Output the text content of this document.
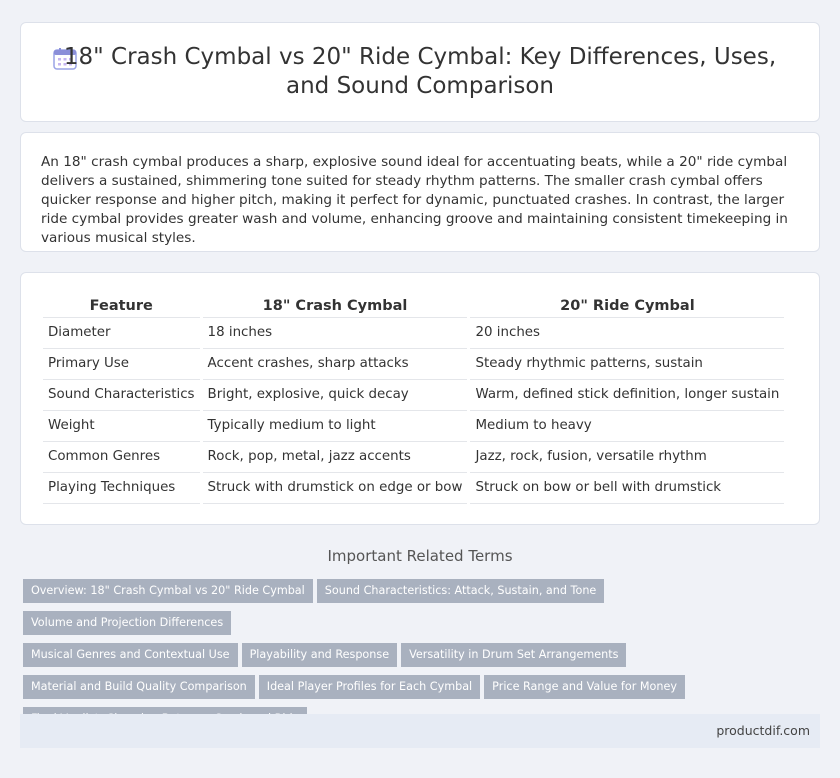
18" Crash Cymbal vs 20" Ride Cymbal: Key Differences, Uses, and Sound Comparison

An 18" crash cymbal produces a sharp, explosive sound ideal for accentuating beats, while a 20" ride cymbal delivers a sustained, shimmering tone suited for steady rhythm patterns. The smaller crash cymbal offers quicker response and higher pitch, making it perfect for dynamic, punctuated crashes. In contrast, the larger ride cymbal provides greater wash and volume, enhancing groove and maintaining consistent timekeeping in various musical styles.

Feature	18" Crash Cymbal	20" Ride Cymbal
Diameter	18 inches	20 inches
Primary Use	Accent crashes, sharp attacks	Steady rhythmic patterns, sustain
Sound Characteristics	Bright, explosive, quick decay	Warm, defined stick definition, longer sustain
Weight	Typically medium to light	Medium to heavy
Common Genres	Rock, pop, metal, jazz accents	Jazz, rock, fusion, versatile rhythm
Playing Techniques	Struck with drumstick on edge or bow	Struck on bow or bell with drumstick
Important Related Terms
Overview: 18" Crash Cymbal vs 20" Ride Cymbal Sound Characteristics: Attack, Sustain, and ToneVolume and Projection Differences
Musical Genres and Contextual Use Playability and Response Versatility in Drum Set Arrangements
Material and Build Quality Comparison Ideal Player Profiles for Each Cymbal Price Range and Value for Money

productdif.com
